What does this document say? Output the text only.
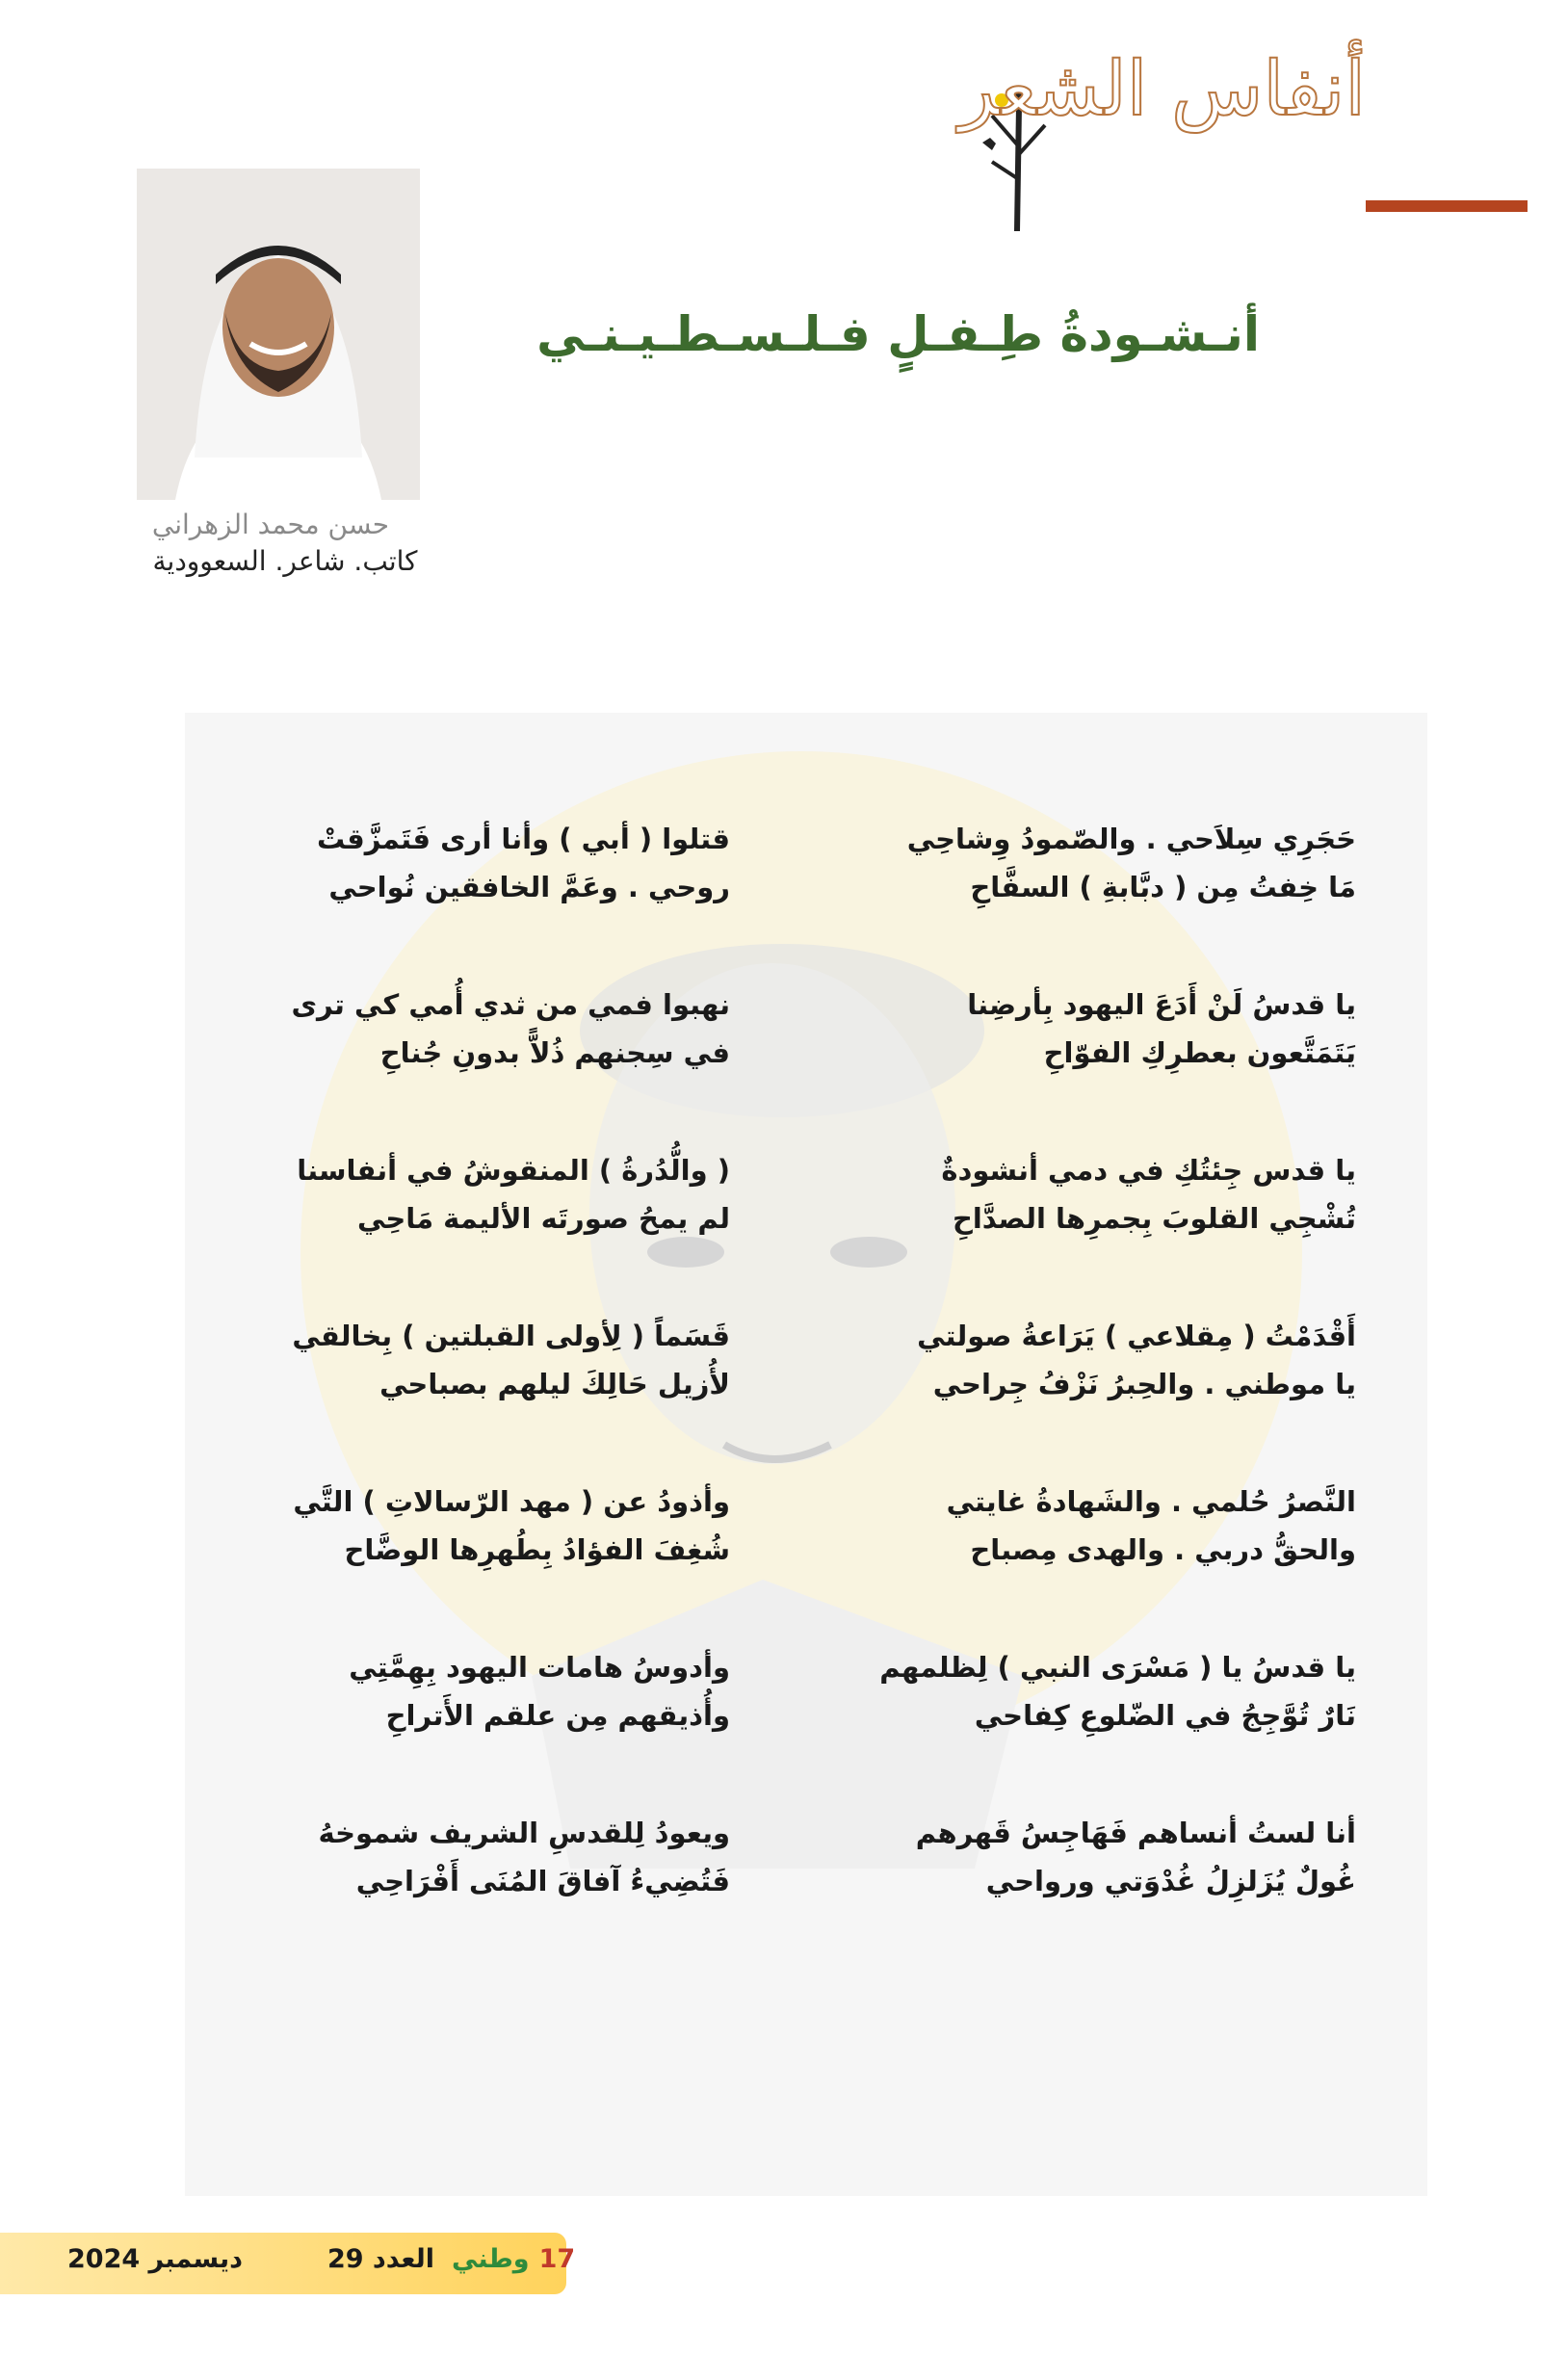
أنفاس الشعر
أنـشـودةُ طِـفـلٍ فـلـسـطـيـنـي
حسن محمد الزهراني
كاتب. شاعر. السعوودية
حَجَرِي سِلاَحي . والصّمودُ وِشاحِي
مَا خِفتُ مِن ( دبَّابةِ ) السفَّاحِ
يا قدسُ لَنْ أَدَعَ اليهود بِأرضِنا
يَتَمَتَّعون بعطرِكِ الفوّاحِ
يا قدس جِئتُكِ في دمي أنشودةٌ
تُشْجِي القلوبَ بِجمرِها الصدَّاحِ
أَقْدَمْتُ ( مِقلاعي ) يَرَاعةُ صولتي
يا موطني . والحِبرُ نَزْفُ جِراحي
النَّصرُ حُلمي . والشَهادةُ غايتي
والحقُّ دربي . والهدى مِصباح
يا قدسُ يا ( مَسْرَى النبي ) لِظلمهم
نَارٌ تُوَّجِجُ في الضّلوعِ كِفاحي
أنا لستُ أنساهم فَهَاجِسُ قَهرهم
غُولٌ يُزَلزِلُ غُدْوَتي ورواحي
قتلوا ( أبي ) وأنا أرى فَتَمزَّقتْ
روحي . وعَمَّ الخافقين نُواحي
نهبوا فمي من ثدي أُمي كي ترى
في سِجنهم ذُلاًّ بدونِ جُناحِ
( والُّدُرةُ ) المنقوشُ في أنفاسنا
لم يمحُ صورتَه الأليمة مَاحِي
قَسَماً ( لِأولى القبلتين ) بِخالقي
لأُزيل حَالِكَ ليلهم بصباحي
وأذودُ عن ( مهد الرّسالاتِ ) التَّي
شُغِفَ الفؤادُ بِطُهرِها الوضَّاح
وأدوسُ هامات اليهود بِهِمَّتِي
وأُذيقهم مِن علقم الأَتراحِ
ويعودُ لِلقدسِ الشريف شموخهُ
فَتُضِيءُ آفاقَ المُنَى أَفْرَاحِي
ديسمبر 2024	العدد 29 وطني 17
